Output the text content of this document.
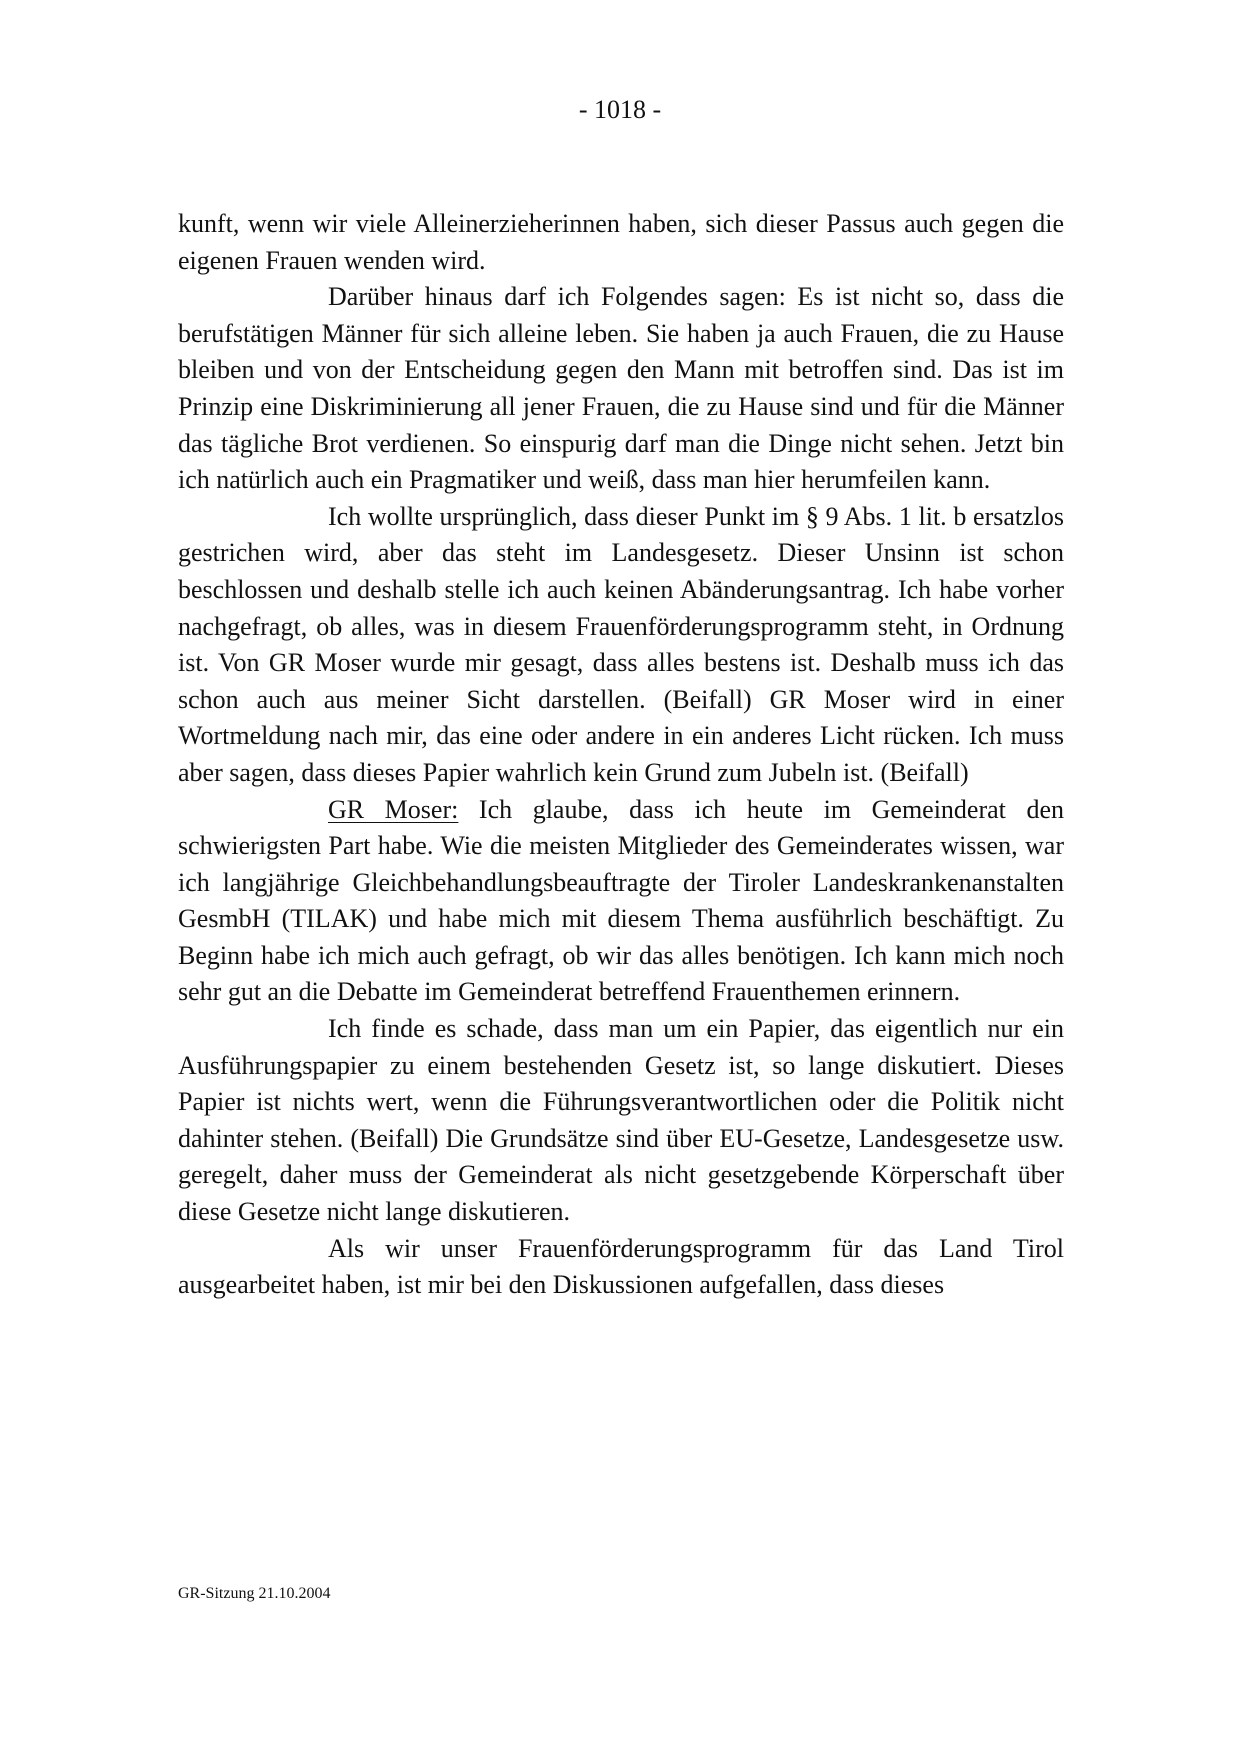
- 1018 -

kunft, wenn wir viele Alleinerzieherinnen haben, sich dieser Passus auch gegen die eigenen Frauen wenden wird.

Darüber hinaus darf ich Folgendes sagen: Es ist nicht so, dass die berufstätigen Männer für sich alleine leben. Sie haben ja auch Frauen, die zu Hause bleiben und von der Entscheidung gegen den Mann mit betroffen sind. Das ist im Prinzip eine Diskriminierung all jener Frauen, die zu Hause sind und für die Männer das tägliche Brot verdienen. So einspurig darf man die Dinge nicht sehen. Jetzt bin ich natürlich auch ein Pragmatiker und weiß, dass man hier herumfeilen kann.

Ich wollte ursprünglich, dass dieser Punkt im § 9 Abs. 1 lit. b ersatzlos gestrichen wird, aber das steht im Landesgesetz. Dieser Unsinn ist schon beschlossen und deshalb stelle ich auch keinen Abänderungsantrag. Ich habe vorher nachgefragt, ob alles, was in diesem Frauenförderungsprogramm steht, in Ordnung ist. Von GR Moser wurde mir gesagt, dass alles bestens ist. Deshalb muss ich das schon auch aus meiner Sicht darstellen. (Beifall) GR Moser wird in einer Wortmeldung nach mir, das eine oder andere in ein anderes Licht rücken. Ich muss aber sagen, dass dieses Papier wahrlich kein Grund zum Jubeln ist. (Beifall)

GR Moser: Ich glaube, dass ich heute im Gemeinderat den schwierigsten Part habe. Wie die meisten Mitglieder des Gemeinderates wissen, war ich langjährige Gleichbehandlungsbeauftragte der Tiroler Landeskrankenanstalten GesmbH (TILAK) und habe mich mit diesem Thema ausführlich beschäftigt. Zu Beginn habe ich mich auch gefragt, ob wir das alles benötigen. Ich kann mich noch sehr gut an die Debatte im Gemeinderat betreffend Frauenthemen erinnern.

Ich finde es schade, dass man um ein Papier, das eigentlich nur ein Ausführungspapier zu einem bestehenden Gesetz ist, so lange diskutiert. Dieses Papier ist nichts wert, wenn die Führungsverantwortlichen oder die Politik nicht dahinter stehen. (Beifall) Die Grundsätze sind über EU-Gesetze, Landesgesetze usw. geregelt, daher muss der Gemeinderat als nicht gesetzgebende Körperschaft über diese Gesetze nicht lange diskutieren.

Als wir unser Frauenförderungsprogramm für das Land Tirol ausgearbeitet haben, ist mir bei den Diskussionen aufgefallen, dass dieses

GR-Sitzung 21.10.2004
